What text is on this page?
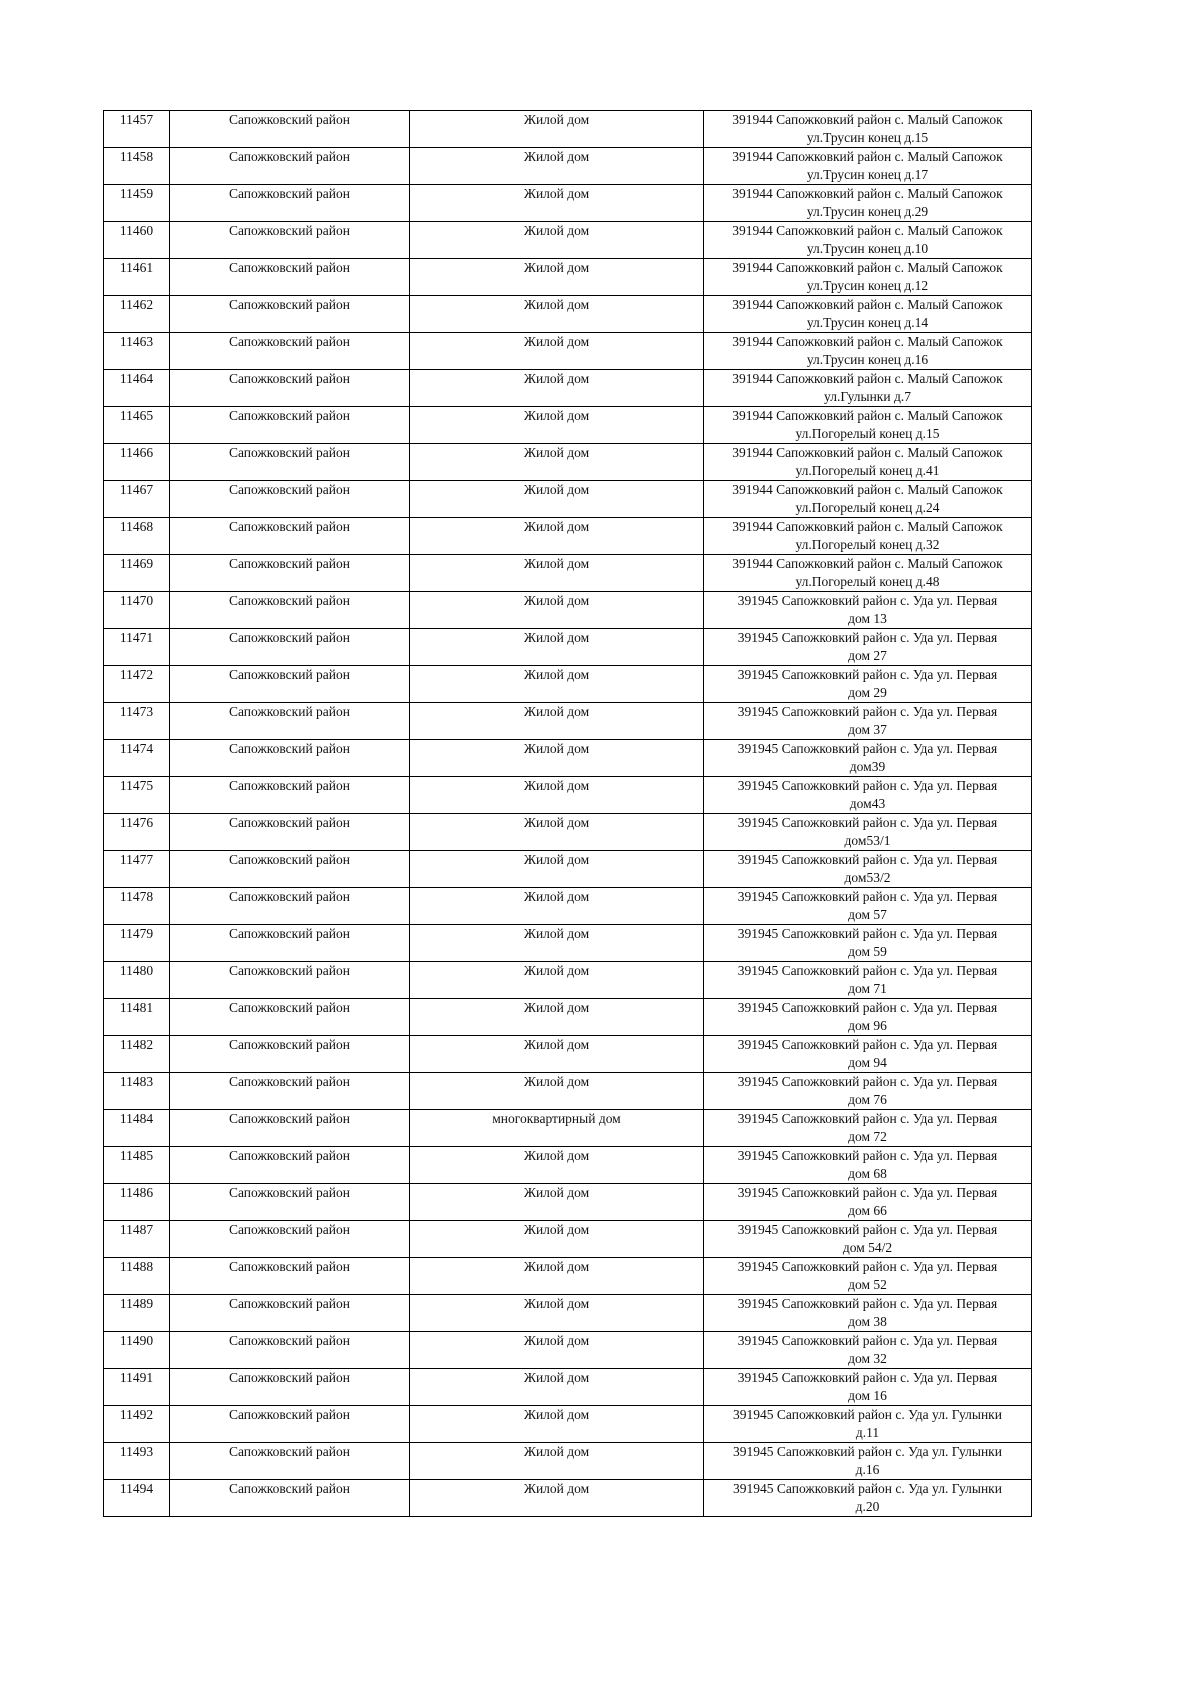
11457	Сапожковский район	Жилой дом	391944 Сапожковкий район с. Малый Сапожок
ул.Трусин конец д.15

11458	Сапожковский район	Жилой дом	391944 Сапожковкий район с. Малый Сапожок
ул.Трусин конец д.17

11459	Сапожковский район	Жилой дом	391944 Сапожковкий район с. Малый Сапожок
ул.Трусин конец д.29

11460	Сапожковский район	Жилой дом	391944 Сапожковкий район с. Малый Сапожок
ул.Трусин конец д.10

11461	Сапожковский район	Жилой дом	391944 Сапожковкий район с. Малый Сапожок
ул.Трусин конец д.12

11462	Сапожковский район	Жилой дом	391944 Сапожковкий район с. Малый Сапожок
ул.Трусин конец д.14

11463	Сапожковский район	Жилой дом	391944 Сапожковкий район с. Малый Сапожок
ул.Трусин конец д.16

11464	Сапожковский район	Жилой дом	391944 Сапожковкий район с. Малый Сапожок
ул.Гулынки д.7

11465	Сапожковский район	Жилой дом	391944 Сапожковкий район с. Малый Сапожок
ул.Погорелый конец д.15

11466	Сапожковский район	Жилой дом	391944 Сапожковкий район с. Малый Сапожок
ул.Погорелый конец д.41

11467	Сапожковский район	Жилой дом	391944 Сапожковкий район с. Малый Сапожок
ул.Погорелый конец д.24

11468	Сапожковский район	Жилой дом	391944 Сапожковкий район с. Малый Сапожок
ул.Погорелый конец д.32

11469	Сапожковский район	Жилой дом	391944 Сапожковкий район с. Малый Сапожок
ул.Погорелый конец д.48

11470	Сапожковский район	Жилой дом	391945 Сапожковкий район с. Уда ул. Первая
дом 13

11471	Сапожковский район	Жилой дом	391945 Сапожковкий район с. Уда ул. Первая
дом 27

11472	Сапожковский район	Жилой дом	391945 Сапожковкий район с. Уда ул. Первая
дом 29

11473	Сапожковский район	Жилой дом	391945 Сапожковкий район с. Уда ул. Первая
дом 37

11474	Сапожковский район	Жилой дом	391945 Сапожковкий район с. Уда ул. Первая
дом39

11475	Сапожковский район	Жилой дом	391945 Сапожковкий район с. Уда ул. Первая
дом43

11476	Сапожковский район	Жилой дом	391945 Сапожковкий район с. Уда ул. Первая
дом53/1

11477	Сапожковский район	Жилой дом	391945 Сапожковкий район с. Уда ул. Первая
дом53/2

11478	Сапожковский район	Жилой дом	391945 Сапожковкий район с. Уда ул. Первая
дом 57

11479	Сапожковский район	Жилой дом	391945 Сапожковкий район с. Уда ул. Первая
дом 59

11480	Сапожковский район	Жилой дом	391945 Сапожковкий район с. Уда ул. Первая
дом 71

11481	Сапожковский район	Жилой дом	391945 Сапожковкий район с. Уда ул. Первая
дом 96

11482	Сапожковский район	Жилой дом	391945 Сапожковкий район с. Уда ул. Первая
дом 94

11483	Сапожковский район	Жилой дом	391945 Сапожковкий район с. Уда ул. Первая
дом 76

11484	Сапожковский район	многоквартирный дом	391945 Сапожковкий район с. Уда ул. Первая
дом 72

11485	Сапожковский район	Жилой дом	391945 Сапожковкий район с. Уда ул. Первая
дом 68

11486	Сапожковский район	Жилой дом	391945 Сапожковкий район с. Уда ул. Первая
дом 66

11487	Сапожковский район	Жилой дом	391945 Сапожковкий район с. Уда ул. Первая
дом 54/2

11488	Сапожковский район	Жилой дом	391945 Сапожковкий район с. Уда ул. Первая
дом 52

11489	Сапожковский район	Жилой дом	391945 Сапожковкий район с. Уда ул. Первая
дом 38

11490	Сапожковский район	Жилой дом	391945 Сапожковкий район с. Уда ул. Первая
дом 32

11491	Сапожковский район	Жилой дом	391945 Сапожковкий район с. Уда ул. Первая
дом 16

11492	Сапожковский район	Жилой дом	391945 Сапожковкий район с. Уда ул. Гулынки
д.11

11493	Сапожковский район	Жилой дом	391945 Сапожковкий район с. Уда ул. Гулынки
д.16

11494	Сапожковский район	Жилой дом	391945 Сапожковкий район с. Уда ул. Гулынки
д.20
